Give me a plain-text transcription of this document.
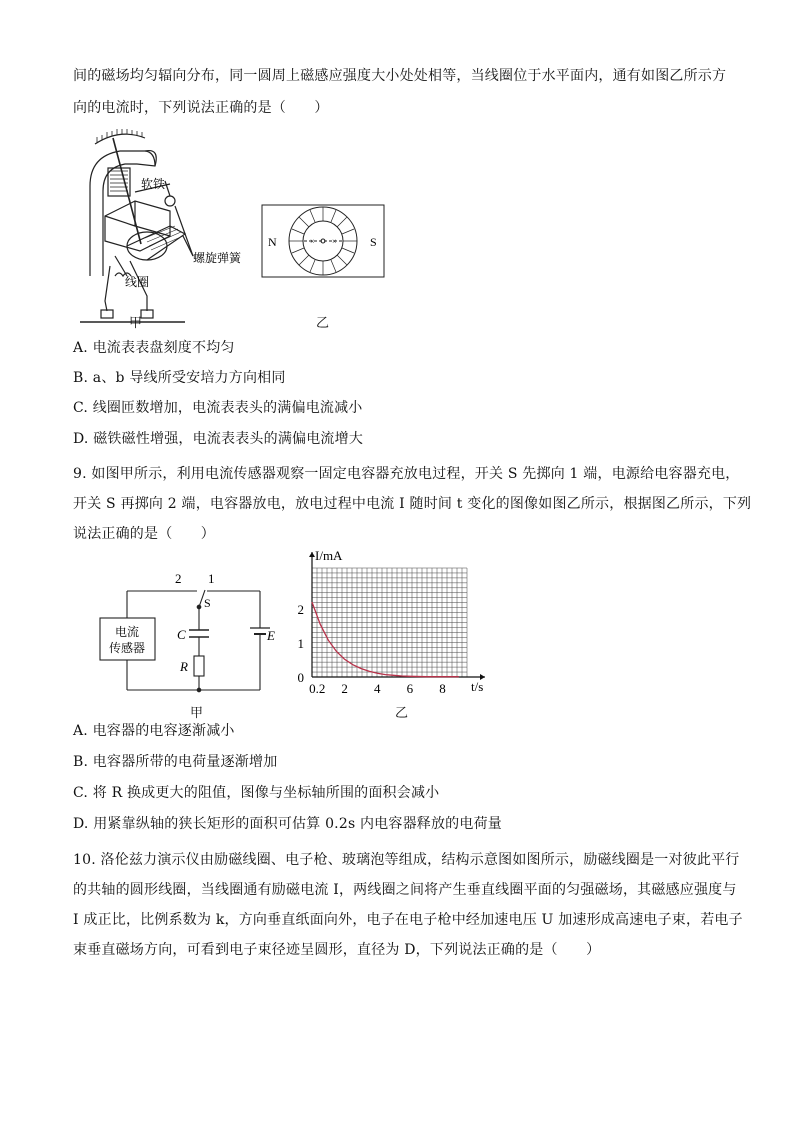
间的磁场均匀辐向分布，同一圆周上磁感应强度大小处处相等，当线圈位于水平面内，通有如图乙所示方
向的电流时，下列说法正确的是（　　）
软铁
螺旋弹簧
线圈
甲
N	S
× ×
乙
A. 电流表表盘刻度不均匀
B. a、b 导线所受安培力方向相同
C. 线圈匝数增加，电流表表头的满偏电流减小
D. 磁铁磁性增强，电流表表头的满偏电流增大
9. 如图甲所示，利用电流传感器观察一固定电容器充放电过程，开关 S 先掷向 1 端，电源给电容器充电，
开关 S 再掷向 2 端，电容器放电，放电过程中电流 I 随时间 t 变化的图像如图乙所示，根据图乙所示，下列
说法正确的是（　　）
2 1
S
C
R
E
电流
传感器
甲
0.2 2 4 6 8
0
1
2
I/mA
t/s
乙
A. 电容器的电容逐渐减小
B. 电容器所带的电荷量逐渐增加
C. 将 R 换成更大的阻值，图像与坐标轴所围的面积会减小
D. 用紧靠纵轴的狭长矩形的面积可估算 0.2s 内电容器释放的电荷量
10. 洛伦兹力演示仪由励磁线圈、电子枪、玻璃泡等组成，结构示意图如图所示，励磁线圈是一对彼此平行
的共轴的圆形线圈，当线圈通有励磁电流 I，两线圈之间将产生垂直线圈平面的匀强磁场，其磁感应强度与
I 成正比，比例系数为 k，方向垂直纸面向外，电子在电子枪中经加速电压 U 加速形成高速电子束，若电子
束垂直磁场方向，可看到电子束径迹呈圆形，直径为 D，下列说法正确的是（　　）
